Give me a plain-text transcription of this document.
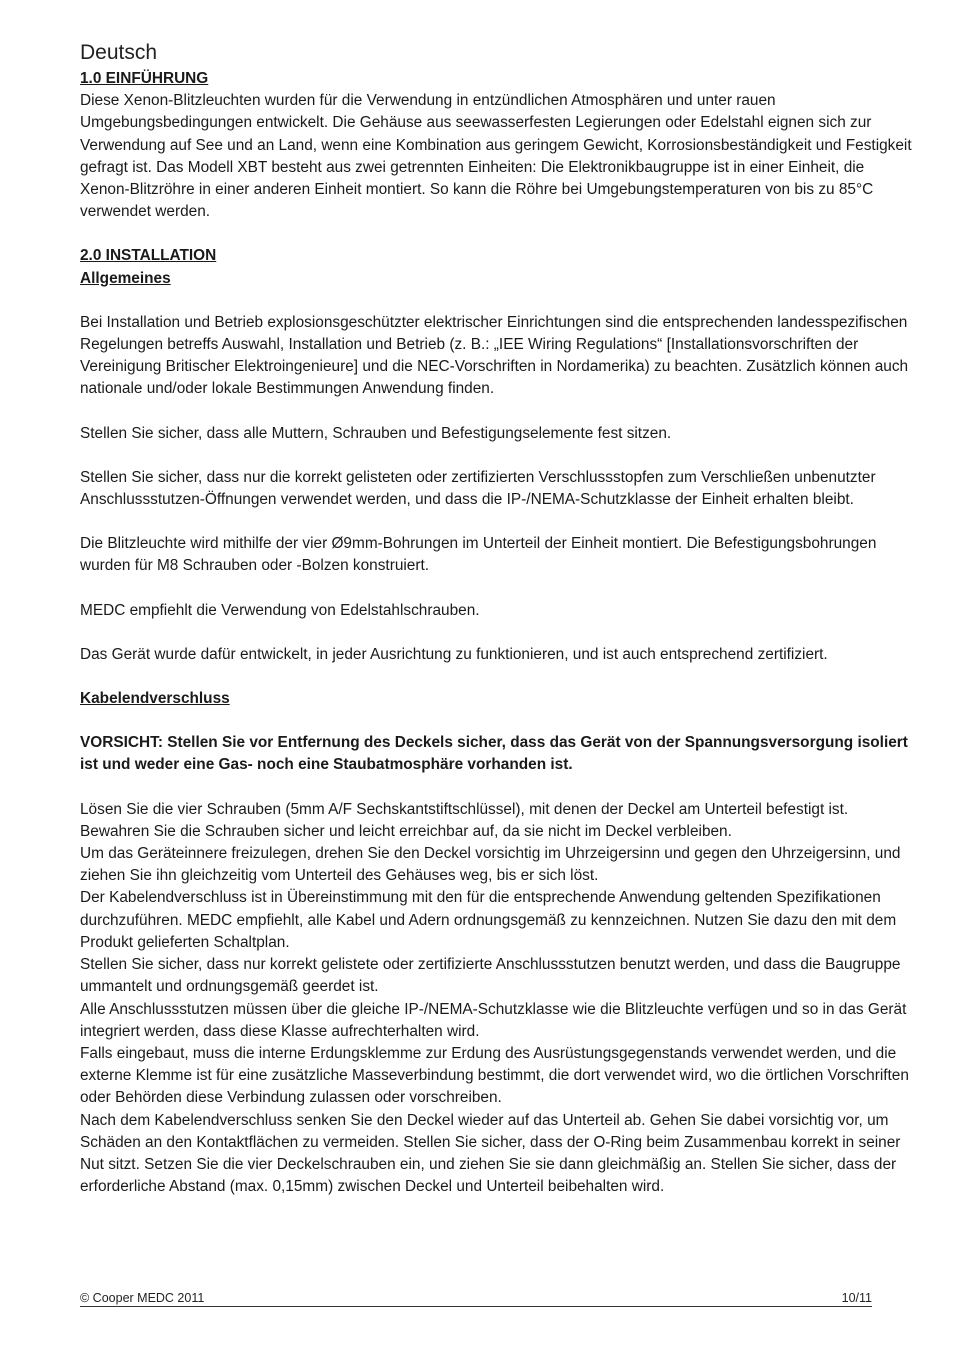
Deutsch
1.0 EINFÜHRUNG

Diese Xenon-Blitzleuchten wurden für die Verwendung in entzündlichen Atmosphären und unter rauen Umgebungsbedingungen entwickelt. Die Gehäuse aus seewasserfesten Legierungen oder Edelstahl eignen sich zur Verwendung auf See und an Land, wenn eine Kombination aus geringem Gewicht, Korrosionsbeständigkeit und Festigkeit gefragt ist. Das Modell XBT besteht aus zwei getrennten Einheiten: Die Elektronikbaugruppe ist in einer Einheit, die Xenon-Blitzröhre in einer anderen Einheit montiert. So kann die Röhre bei Umgebungstemperaturen von bis zu 85°C verwendet werden.

2.0 INSTALLATION
Allgemeines

Bei Installation und Betrieb explosionsgeschützter elektrischer Einrichtungen sind die entsprechenden landesspezifischen Regelungen betreffs Auswahl, Installation und Betrieb (z. B.: „IEE Wiring Regulations“ [Installationsvorschriften der Vereinigung Britischer Elektroingenieure] und die NEC-Vorschriften in Nordamerika) zu beachten. Zusätzlich können auch nationale und/oder lokale Bestimmungen Anwendung finden.

Stellen Sie sicher, dass alle Muttern, Schrauben und Befestigungselemente fest sitzen.

Stellen Sie sicher, dass nur die korrekt gelisteten oder zertifizierten Verschlussstopfen zum Verschließen unbenutzter Anschlussstutzen-Öffnungen verwendet werden, und dass die IP-/NEMA-Schutzklasse der Einheit erhalten bleibt.

Die Blitzleuchte wird mithilfe der vier Ø9mm-Bohrungen im Unterteil der Einheit montiert. Die Befestigungsbohrungen wurden für M8 Schrauben oder -Bolzen konstruiert.

MEDC empfiehlt die Verwendung von Edelstahlschrauben.

Das Gerät wurde dafür entwickelt, in jeder Ausrichtung zu funktionieren, und ist auch entsprechend zertifiziert.

Kabelendverschluss

VORSICHT: Stellen Sie vor Entfernung des Deckels sicher, dass das Gerät von der Spannungsversorgung isoliert ist und weder eine Gas- noch eine Staubatmosphäre vorhanden ist.

Lösen Sie die vier Schrauben (5mm A/F Sechskantstiftschlüssel), mit denen der Deckel am Unterteil befestigt ist. Bewahren Sie die Schrauben sicher und leicht erreichbar auf, da sie nicht im Deckel verbleiben.

Um das Geräteinnere freizulegen, drehen Sie den Deckel vorsichtig im Uhrzeigersinn und gegen den Uhrzeigersinn, und ziehen Sie ihn gleichzeitig vom Unterteil des Gehäuses weg, bis er sich löst.

Der Kabelendverschluss ist in Übereinstimmung mit den für die entsprechende Anwendung geltenden Spezifikationen durchzuführen. MEDC empfiehlt, alle Kabel und Adern ordnungsgemäß zu kennzeichnen. Nutzen Sie dazu den mit dem Produkt gelieferten Schaltplan.

Stellen Sie sicher, dass nur korrekt gelistete oder zertifizierte Anschlussstutzen benutzt werden, und dass die Baugruppe ummantelt und ordnungsgemäß geerdet ist.

Alle Anschlussstutzen müssen über die gleiche IP-/NEMA-Schutzklasse wie die Blitzleuchte verfügen und so in das Gerät integriert werden, dass diese Klasse aufrechterhalten wird.

Falls eingebaut, muss die interne Erdungsklemme zur Erdung des Ausrüstungsgegenstands verwendet werden, und die externe Klemme ist für eine zusätzliche Masseverbindung bestimmt, die dort verwendet wird, wo die örtlichen Vorschriften oder Behörden diese Verbindung zulassen oder vorschreiben.

Nach dem Kabelendverschluss senken Sie den Deckel wieder auf das Unterteil ab. Gehen Sie dabei vorsichtig vor, um Schäden an den Kontaktflächen zu vermeiden. Stellen Sie sicher, dass der O-Ring beim Zusammenbau korrekt in seiner Nut sitzt. Setzen Sie die vier Deckelschrauben ein, und ziehen Sie sie dann gleichmäßig an. Stellen Sie sicher, dass der erforderliche Abstand (max. 0,15mm) zwischen Deckel und Unterteil beibehalten wird.

© Cooper MEDC 2011	10/11
